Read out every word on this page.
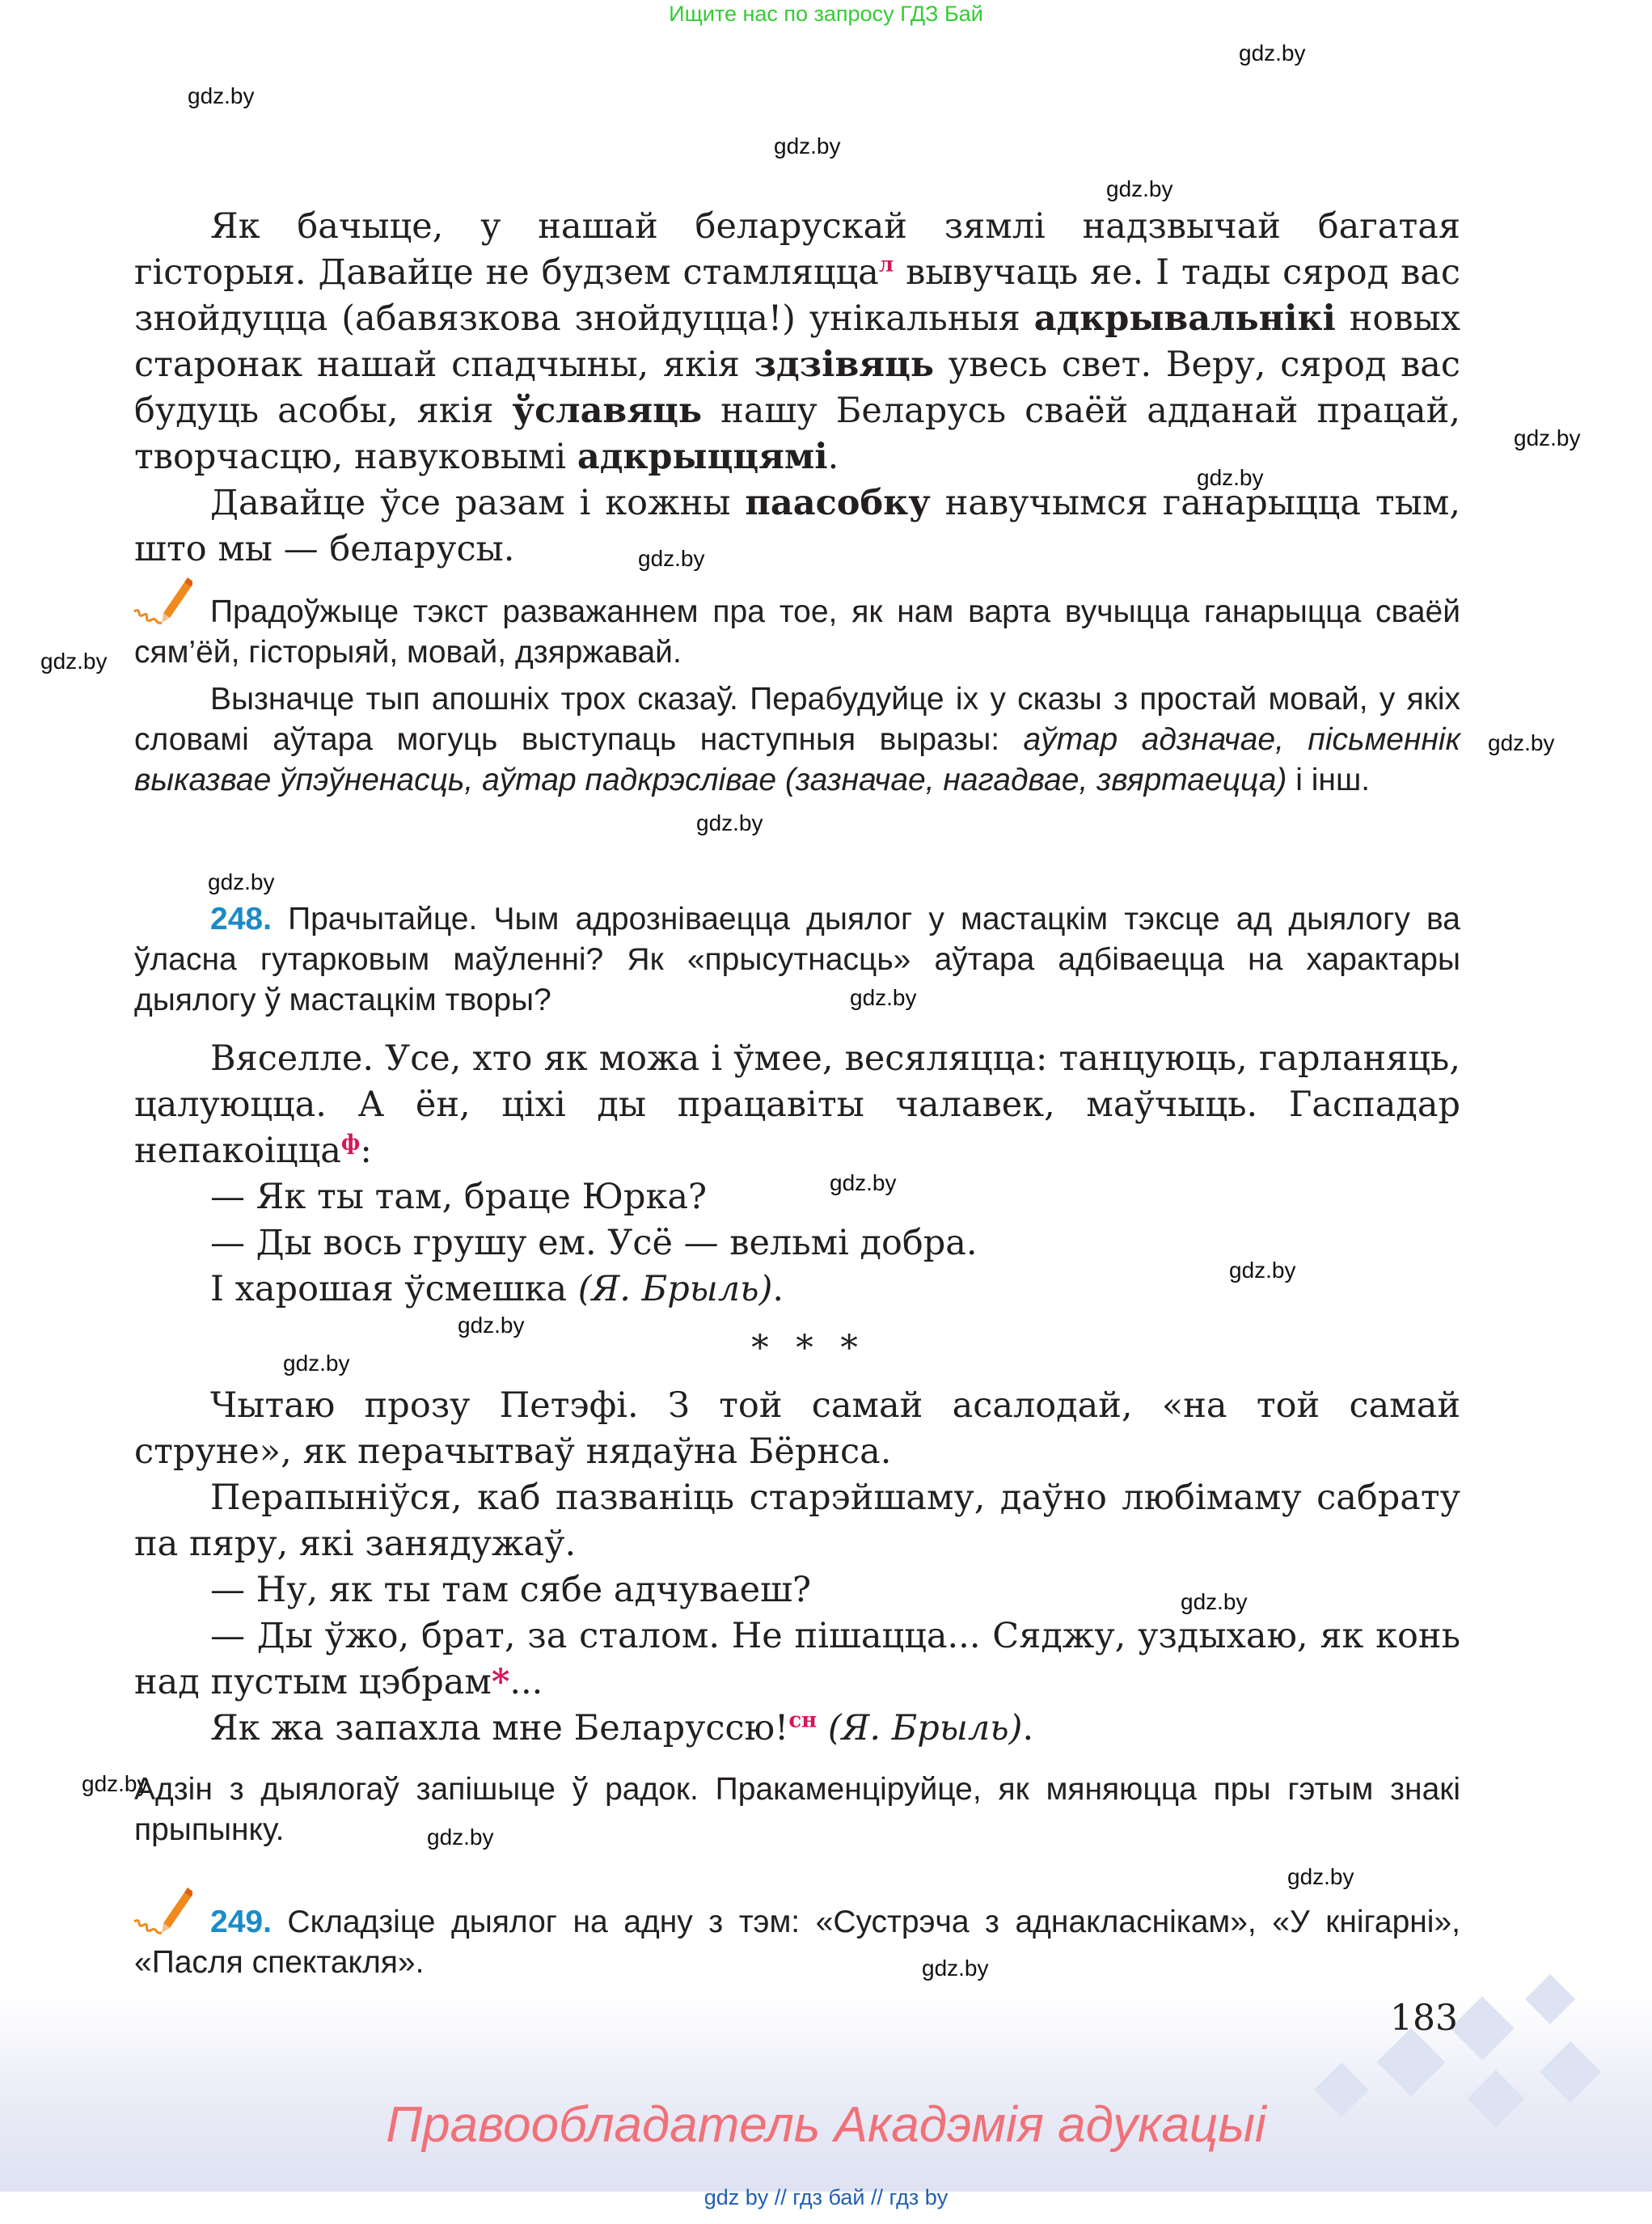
Ищите нас по запросу ГДЗ Бай
gdz.by
gdz.by
gdz.by
gdz.by
gdz.by
gdz.by
gdz.by
gdz.by
gdz.by
gdz.by
gdz.by
gdz.by
gdz.by
gdz.by
gdz.by
gdz.by
gdz.by
gdz.by
gdz.by
gdz.by
gdz.by

Як бачыце, у нашай беларускай зямлі надзвычай багатая гісторыя. Давайце не будзем стамляцца$^л$ вывучаць яе. І тады сярод вас знойдуцца (абавязкова знойдуцца!) унікальныя адкрывальнікі новых старонак нашай спадчыны, якія здзівяць увесь свет. Веру, сярод вас будуць асобы, якія ўславяць нашу Беларусь сваёй адданай працай, творчасцю, навуковымі адкрыццямі.

Давайце ўсе разам і кожны паасобку навучымся ганарыцца тым, што мы — беларусы.

Прадоўжыце тэкст разважаннем пра тое, як нам варта вучыцца ганарыцца сваёй сям’ёй, гісторыяй, мовай, дзяржавай.

Вызначце тып апошніх трох сказаў. Перабудуйце іх у сказы з простай мовай, у якіх словамі аўтара могуць выступаць наступныя выразы: аўтар адзначае, пісьменнік выказвае ўпэўненасць, аўтар падкрэслівае (зазначае, нагадвае, звяртаецца) і інш.

248. Прачытайце. Чым адрозніваецца дыялог у мастацкім тэксце ад дыялогу ва ўласна гутарковым маўленні? Як «прысутнасць» аўтара адбіваецца на характары дыялогу ў мастацкім творы?

Вяселле. Усе, хто як можа і ўмее, весяляцца: танцуюць, гарланяць, цалуюцца. А ён, ціхі ды працавіты чалавек, маўчыць. Гаспадар непакоіцца$^ф$:

— Як ты там, браце Юрка?

— Ды вось грушу ем. Усё — вельмі добра.

І харошая ўсмешка (Я. Брыль).

* * *

Чытаю прозу Петэфі. З той самай асалодай, «на той самай струне», як перачытваў нядаўна Бёрнса.

Перапыніўся, каб пазваніць старэйшаму, даўно любімаму сабрату па пяру, які занядужаў.

— Ну, як ты там сябе адчуваеш?

— Ды ўжо, брат, за сталом. Не пішацца... Сяджу, уздыхаю, як конь над пустым цэбрам*...

Як жа запахла мне Беларуссю!$^{сн}$ (Я. Брыль).

Адзін з дыялогаў запішыце ў радок. Пракаменціруйце, як мяняюцца пры гэтым знакі прыпынку.

249. Складзіце дыялог на адну з тэм: «Сустрэча з аднакласнікам», «У кнігарні», «Пасля спектакля».

183
Правообладатель Акадэмія адукацыі
gdz by // гдз бай // гдз by
